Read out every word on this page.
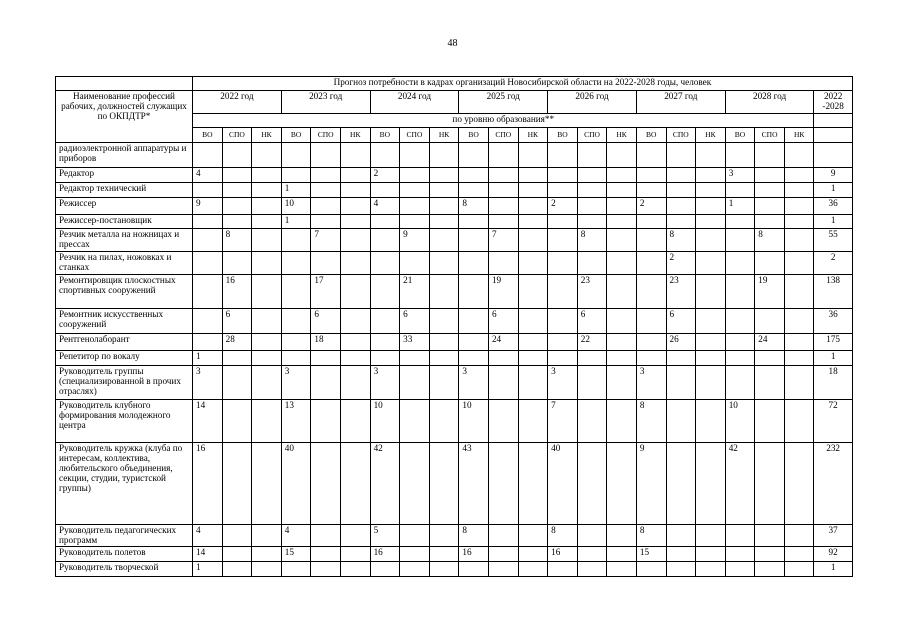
48
	Прогноз потребности в кадрах организаций Новосибирской области на 2022-2028 годы, человек																					
Наименование профессий рабочих, должностей служащих по ОКПДТР*	2022 год			2023 год			2024 год			2025 год			2026 год			2027 год			2028 год			2022 -2028
	по уровню образования**																					
	ВО	СПО	НК	ВО	СПО	НК	ВО	СПО	НК	ВО	СПО	НК	ВО	СПО	НК	ВО	СПО	НК	ВО	СПО	НК	
радиоэлектронной аппаратуры и приборов																						
Редактор	4						2												3			9
Редактор технический				1																		1
Режиссер	9			10			4			8			2			2			1			36
Режиссер-постановщик				1																		1
Резчик металла на ножницах и прессах		8			7			9			7			8			8			8		55
Резчик на пилах, ножовках и станках																	2					2
Ремонтировщик плоскостных спортивных сооружений		16			17			21			19			23			23			19		138
Ремонтник искусственных сооружений		6			6			6			6			6			6					36
Рентгенолаборант		28			18			33			24			22			26			24		175
Репетитор по вокалу	1																					1
Руководитель группы (специализированной в прочих отраслях)	3			3			3			3			3			3						18
Руководитель клубного формирования молодежного центра	14			13			10			10			7			8			10			72
Руководитель кружка (клуба по интересам, коллектива, любительского объединения, секции, студии, туристской группы)	16			40			42			43			40			9			42			232
Руководитель педагогических программ	4			4			5			8			8			8						37
Руководитель полетов	14			15			16			16			16			15						92
Руководитель творческой	1																					1
